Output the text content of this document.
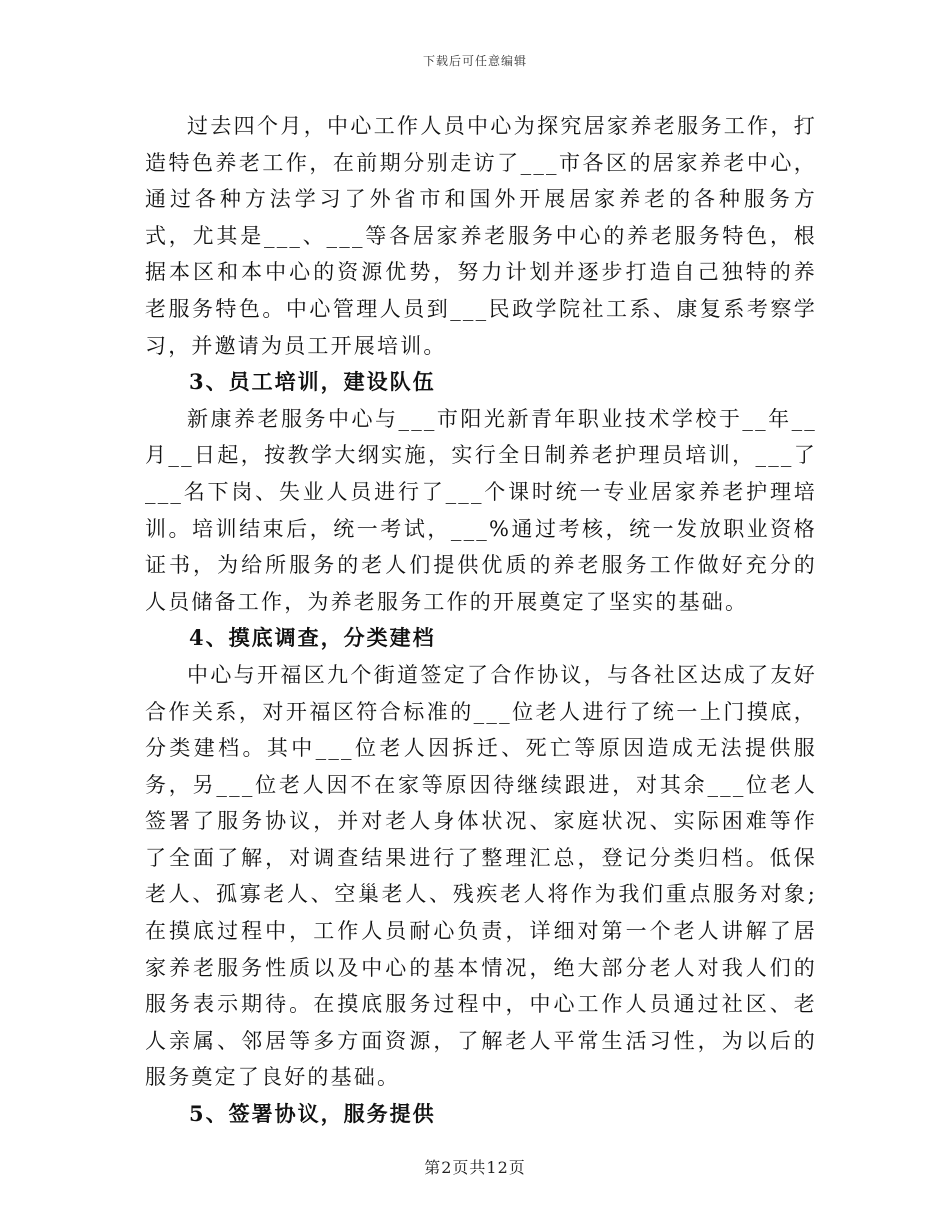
下载后可任意编辑

过去四个月，中心工作人员中心为探究居家养老服务工作，打造特色养老工作，在前期分别走访了___市各区的居家养老中心，通过各种方法学习了外省市和国外开展居家养老的各种服务方式，尤其是___、___等各居家养老服务中心的养老服务特色，根据本区和本中心的资源优势，努力计划并逐步打造自己独特的养老服务特色。中心管理人员到___民政学院社工系、康复系考察学习，并邀请为员工开展培训。

3、员工培训，建设队伍

新康养老服务中心与___市阳光新青年职业技术学校于__年__月__日起，按教学大纲实施，实行全日制养老护理员培训，___了___名下岗、失业人员进行了___个课时统一专业居家养老护理培训。培训结束后，统一考试，___%通过考核，统一发放职业资格证书，为给所服务的老人们提供优质的养老服务工作做好充分的人员储备工作，为养老服务工作的开展奠定了坚实的基础。

4、摸底调查，分类建档

中心与开福区九个街道签定了合作协议，与各社区达成了友好合作关系，对开福区符合标准的___位老人进行了统一上门摸底，分类建档。其中___位老人因拆迁、死亡等原因造成无法提供服务，另___位老人因不在家等原因待继续跟进，对其余___位老人签署了服务协议，并对老人身体状况、家庭状况、实际困难等作了全面了解，对调查结果进行了整理汇总，登记分类归档。低保老人、孤寡老人、空巢老人、残疾老人将作为我们重点服务对象;在摸底过程中，工作人员耐心负责，详细对第一个老人讲解了居家养老服务性质以及中心的基本情况，绝大部分老人对我人们的服务表示期待。在摸底服务过程中，中心工作人员通过社区、老人亲属、邻居等多方面资源，了解老人平常生活习性，为以后的服务奠定了良好的基础。

5、签署协议，服务提供

第2页共12页
